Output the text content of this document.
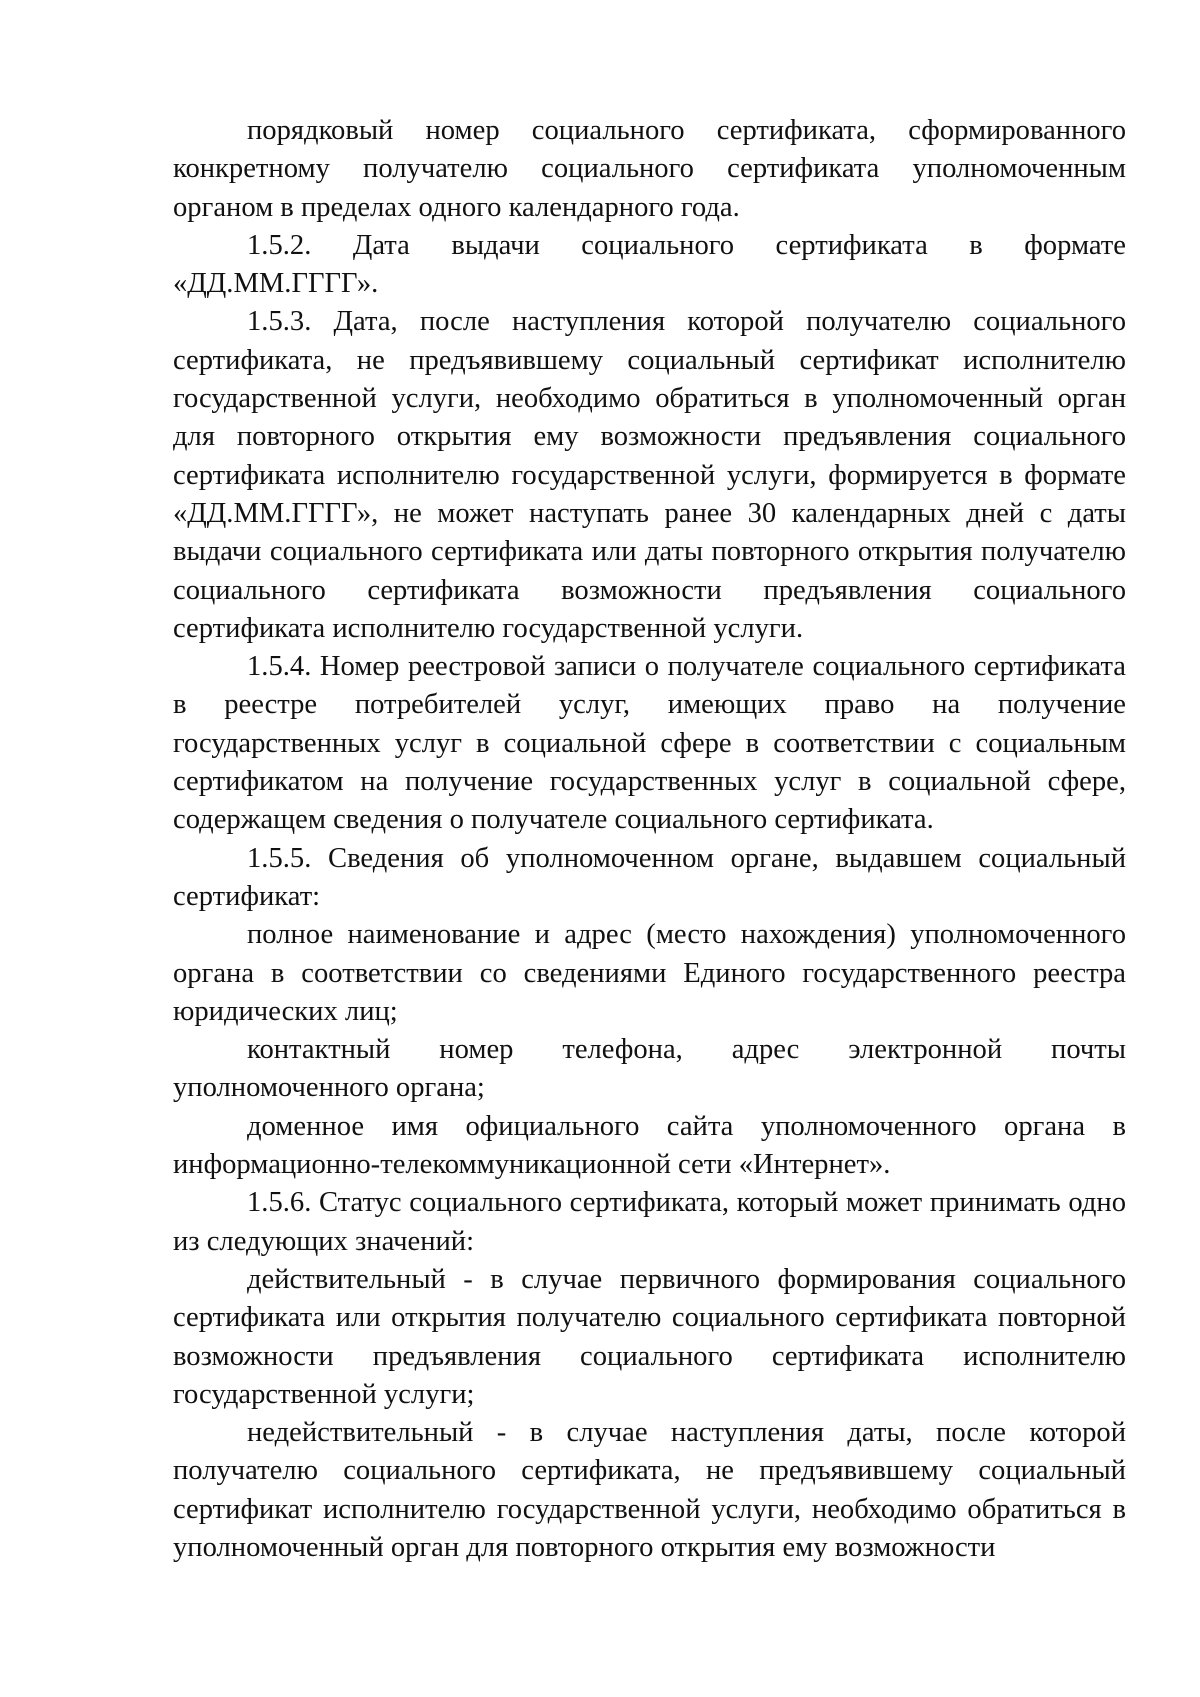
порядковый номер социального сертификата, сформированного конкретному получателю социального сертификата уполномоченным органом в пределах одного календарного года.

1.5.2. Дата выдачи социального сертификата в формате «ДД.ММ.ГГГГ».

1.5.3. Дата, после наступления которой получателю социального сертификата, не предъявившему социальный сертификат исполнителю государственной услуги, необходимо обратиться в уполномоченный орган для повторного открытия ему возможности предъявления социального сертификата исполнителю государственной услуги, формируется в формате «ДД.ММ.ГГГГ», не может наступать ранее 30 календарных дней с даты выдачи социального сертификата или даты повторного открытия получателю социального сертификата возможности предъявления социального сертификата исполнителю государственной услуги.

1.5.4. Номер реестровой записи о получателе социального сертификата в реестре потребителей услуг, имеющих право на получение государственных услуг в социальной сфере в соответствии с социальным сертификатом на получение государственных услуг в социальной сфере, содержащем сведения о получателе социального сертификата.

1.5.5. Сведения об уполномоченном органе, выдавшем социальный сертификат:

полное наименование и адрес (место нахождения) уполномоченного органа в соответствии со сведениями Единого государственного реестра юридических лиц;

контактный номер телефона, адрес электронной почты уполномоченного органа;

доменное имя официального сайта уполномоченного органа в информационно-телекоммуникационной сети «Интернет».

1.5.6. Статус социального сертификата, который может принимать одно из следующих значений:

действительный - в случае первичного формирования социального сертификата или открытия получателю социального сертификата повторной возможности предъявления социального сертификата исполнителю государственной услуги;

недействительный - в случае наступления даты, после которой получателю социального сертификата, не предъявившему социальный сертификат исполнителю государственной услуги, необходимо обратиться в уполномоченный орган для повторного открытия ему возможности
